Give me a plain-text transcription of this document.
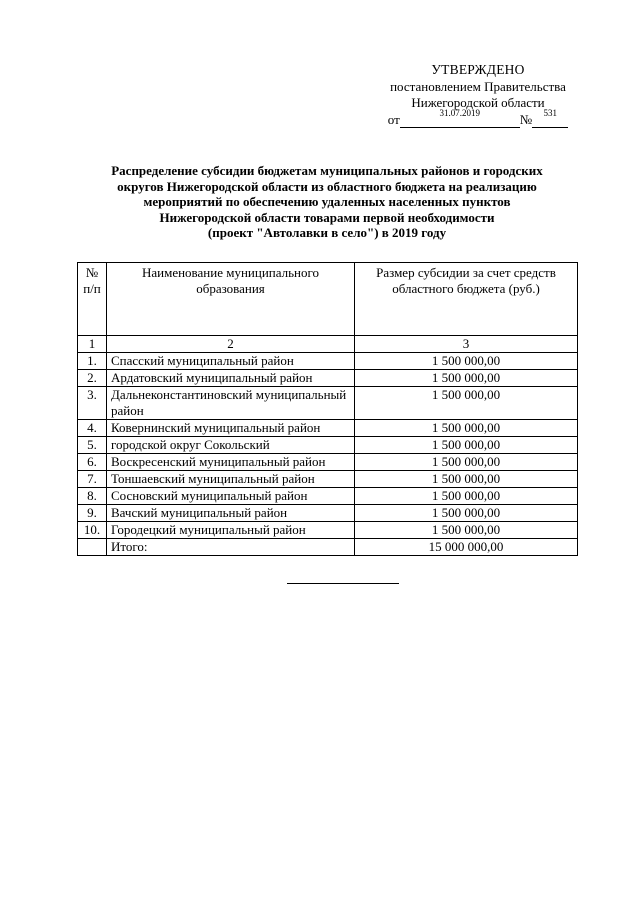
УТВЕРЖДЕНО
постановлением Правительства
Нижегородской области
от	31.07.2019	№	531
Распределение субсидии бюджетам муниципальных районов и городских
округов Нижегородской области из областного бюджета на реализацию
мероприятий по обеспечению удаленных населенных пунктов
Нижегородской области товарами первой необходимости
(проект "Автолавки в село") в 2019 году
№
п/п	Наименование муниципального образования	Размер субсидии за счет средств областного бюджета (руб.)
1	2	3
1.	Спасский муниципальный район	1 500 000,00
2.	Ардатовский муниципальный район	1 500 000,00
3.	Дальнеконстантиновский муниципальный район	1 500 000,00
4.	Ковернинский муниципальный район	1 500 000,00
5.	городской округ Сокольский	1 500 000,00
6.	Воскресенский муниципальный район	1 500 000,00
7.	Тоншаевский муниципальный район	1 500 000,00
8.	Сосновский муниципальный район	1 500 000,00
9.	Вачский муниципальный район	1 500 000,00
10.	Городецкий муниципальный район	1 500 000,00
	Итого:	15 000 000,00
